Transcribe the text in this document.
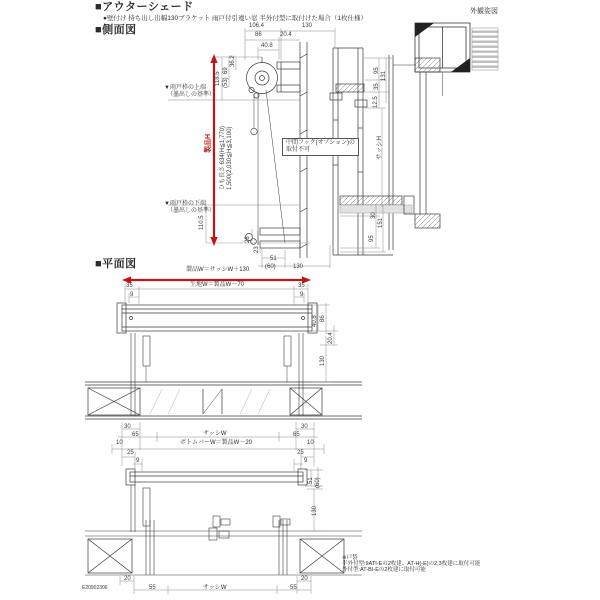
■アウターシェード
●壁付け 持ち出し出幅130ブラケット 雨戸付引違い窓 半外付型に取付けた場合（1枚仕様）
■側面図
外観姿図
106.4	130
86	20.4
40.8
118.5
69
(53)
36.2
110.5
製品H
▼雨戸枠の上端
（墨出しの基準）
▼雨戸枠の下端
（墨出しの基準）
ひも長さ 634(H≦1,770) 1,500(2,030≦H≦3,100)	中間フック(オプション)の
取付不可
95
131
35
12.5
サッシH
30
151
95
28
23
51
(60)	130
■平面図	製品W＝サッシW＋130
生地W＝製品W－70
35	35
9	9
40.8 86
20.4
130
30	30
65	65
サッシW
ボトムバーW＝製品W－20
10	10
25	25
9	9
51 (60)
130
20	20
55	55
サッシW
E20902306
※戸袋
半外付型:9ATI-Eの2枚建、AT-H(-E)の2,3枚建に取付可能
外付型:AT-BI-Eの2枚建に取付可能
